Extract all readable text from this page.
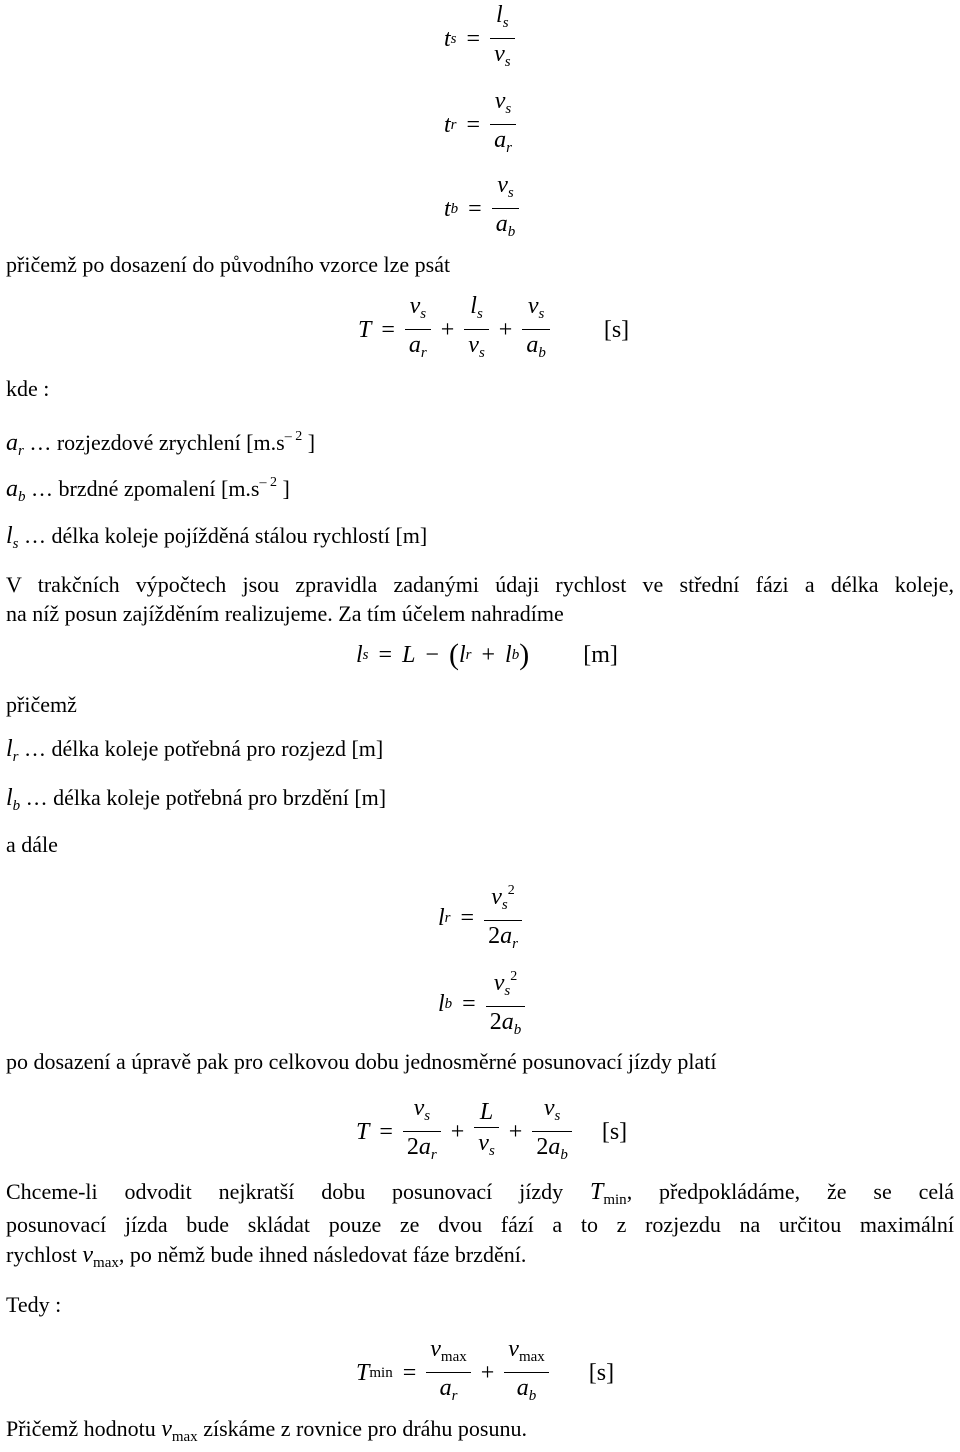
t $s = \frac{l_s}{v_s}$
t $r = \frac{v_s}{a_r}$
t $b = \frac{v_s}{a_b}$
přičemž po dosazení do původního vzorce lze psát
$T = \frac{v_s}{a_r} + \frac{l_s}{v_s} + \frac{v_s}{a_b} [s]$
kde :
$a_r$ … rozjezdové zrychlení [$m.s^{- 2}$ ]
$a_b$ … brzdné zpomalení [$m.s^{- 2}$ ]
$l_s$ … délka koleje pojížděná stálou rychlostí [m]
V trakčních výpočtech jsou zpravidla zadanými údaji rychlost ve střední fázi a délka koleje,
na níž posun zajížděním realizujeme. Za tím účelem nahradíme
l s = L − ( l r + l b ) [m]
přičemž
$l_r$ … délka koleje potřebná pro rozjezd [m]
$l_b$ … délka koleje potřebná pro brzdění [m]
a dále
l $r = \frac{v_s^2}{2a_r}$
l $b = \frac{v_s^2}{2a_b}$
po dosazení a úpravě pak pro celkovou dobu jednosměrné posunovací jízdy platí
$T = \frac{v_s}{2a_r} + \frac{L}{v_s} + \frac{v_s}{2a_b} [s]$
Chceme-li odvodit nejkratší dobu posunovací jízdy $T_{min}$, předpokládáme, že se celá
posunovací jízda bude skládat pouze ze dvou fází a to z rozjezdu na určitou maximální
rychlost $v_{max}$, po němž bude ihned následovat fáze brzdění.
Tedy :
T $\min = \frac{v_{max}}{a_r} + \frac{v_{max}}{a_b} [s]$
Přičemž hodnotu $v_{max}$ získáme z rovnice pro dráhu posunu.
